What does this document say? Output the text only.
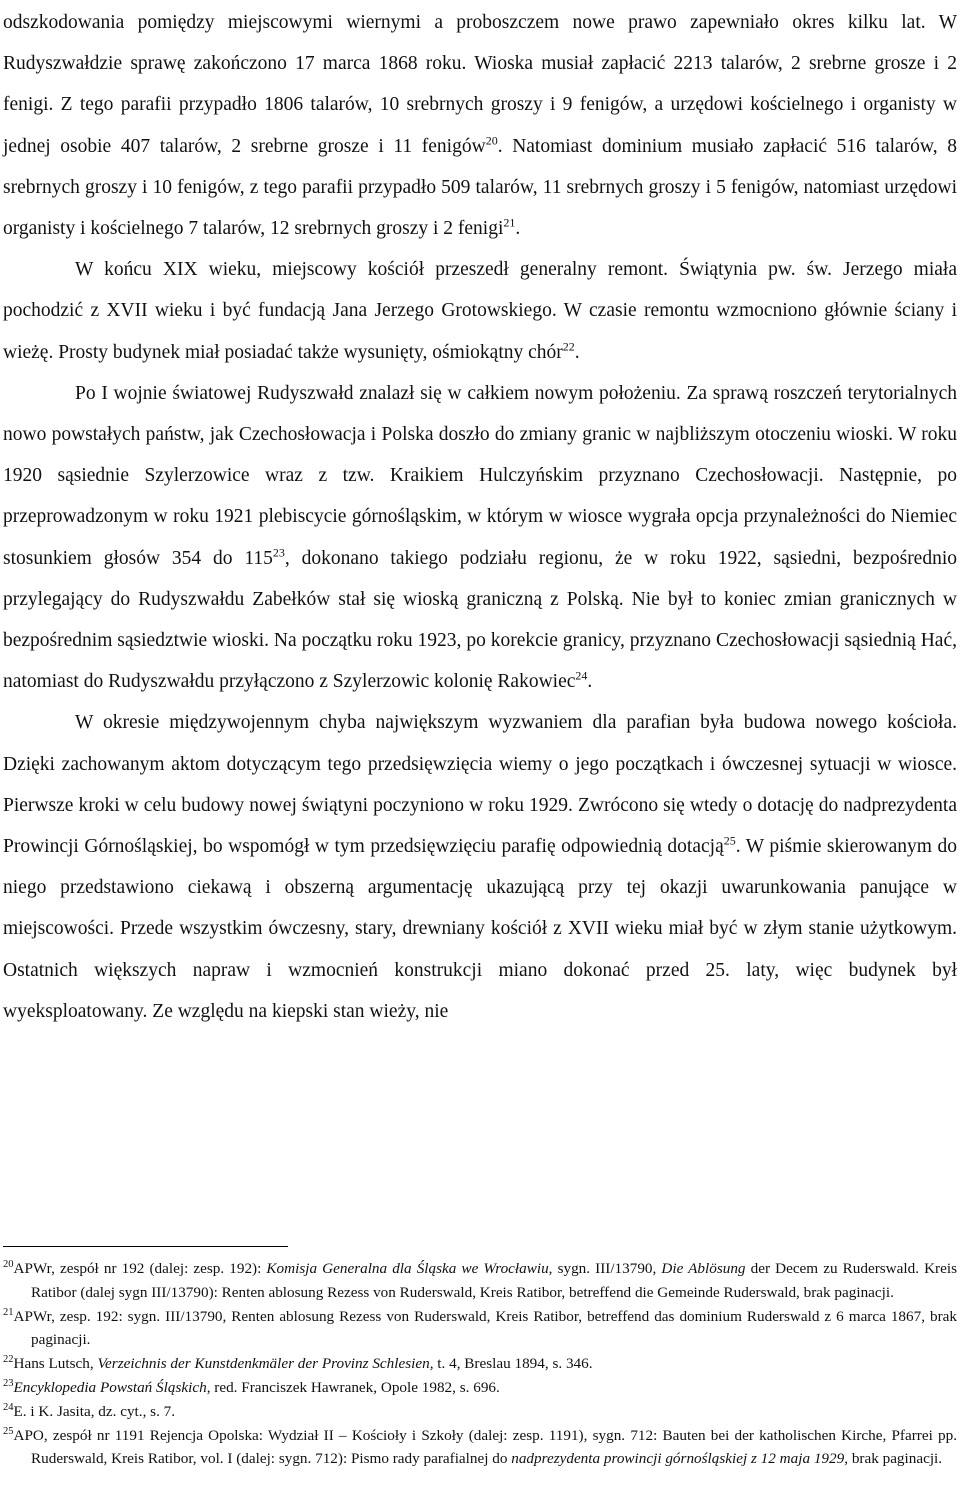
odszkodowania pomiędzy miejscowymi wiernymi a proboszczem nowe prawo zapewniało okres kilku lat. W Rudyszwałdzie sprawę zakończono 17 marca 1868 roku. Wioska musiał zapłacić 2213 talarów, 2 srebrne grosze i 2 fenigi. Z tego parafii przypadło 1806 talarów, 10 srebrnych groszy i 9 fenigów, a urzędowi kościelnego i organisty w jednej osobie 407 talarów, 2 srebrne grosze i 11 fenigów$^{20}$. Natomiast dominium musiało zapłacić 516 talarów, 8 srebrnych groszy i 10 fenigów, z tego parafii przypadło 509 talarów, 11 srebrnych groszy i 5 fenigów, natomiast urzędowi organisty i kościelnego 7 talarów, 12 srebrnych groszy i 2 fenigi$^{21}$.

W końcu XIX wieku, miejscowy kościół przeszedł generalny remont. Świątynia pw. św. Jerzego miała pochodzić z XVII wieku i być fundacją Jana Jerzego Grotowskiego. W czasie remontu wzmocniono głównie ściany i wieżę. Prosty budynek miał posiadać także wysunięty, ośmiokątny chór$^{22}$.

Po I wojnie światowej Rudyszwałd znalazł się w całkiem nowym położeniu. Za sprawą roszczeń terytorialnych nowo powstałych państw, jak Czechosłowacja i Polska doszło do zmiany granic w najbliższym otoczeniu wioski. W roku 1920 sąsiednie Szylerzowice wraz z tzw. Kraikiem Hulczyńskim przyznano Czechosłowacji. Następnie, po przeprowadzonym w roku 1921 plebiscycie górnośląskim, w którym w wiosce wygrała opcja przynależności do Niemiec stosunkiem głosów 354 do $115^{23}$, dokonano takiego podziału regionu, że w roku 1922, sąsiedni, bezpośrednio przylegający do Rudyszwałdu Zabełków stał się wioską graniczną z Polską. Nie był to koniec zmian granicznych w bezpośrednim sąsiedztwie wioski. Na początku roku 1923, po korekcie granicy, przyznano Czechosłowacji sąsiednią Hać, natomiast do Rudyszwałdu przyłączono z Szylerzowic kolonię Rakowiec$^{24}$.

W okresie międzywojennym chyba największym wyzwaniem dla parafian była budowa nowego kościoła. Dzięki zachowanym aktom dotyczącym tego przedsięwzięcia wiemy o jego początkach i ówczesnej sytuacji w wiosce. Pierwsze kroki w celu budowy nowej świątyni poczyniono w roku 1929. Zwrócono się wtedy o dotację do nadprezydenta Prowincji Górnośląskiej, bo wspomógł w tym przedsięwzięciu parafię odpowiednią dotacją$^{25}$. W piśmie skierowanym do niego przedstawiono ciekawą i obszerną argumentację ukazującą przy tej okazji uwarunkowania panujące w miejscowości. Przede wszystkim ówczesny, stary, drewniany kościół z XVII wieku miał być w złym stanie użytkowym. Ostatnich większych napraw i wzmocnień konstrukcji miano dokonać przed 25. laty, więc budynek był wyeksploatowany. Ze względu na kiepski stan wieży, nie

$^{20}$APWr, zespół nr 192 (dalej: zesp. 192): Komisja Generalna dla Śląska we Wrocławiu, sygn. III/13790, Die Ablösung der Decem zu Ruderswald. Kreis Ratibor (dalej sygn III/13790): Renten ablosung Rezess von Ruderswald, Kreis Ratibor, betreffend die Gemeinde Ruderswald, brak paginacji.

$^{21}$APWr, zesp. 192: sygn. III/13790, Renten ablosung Rezess von Ruderswald, Kreis Ratibor, betreffend das dominium Ruderswald z 6 marca 1867, brak paginacji.

$^{22}$Hans Lutsch, Verzeichnis der Kunstdenkmäler der Provinz Schlesien, t. 4, Breslau 1894, s. 346.

$^{23}$Encyklopedia Powstań Śląskich, red. Franciszek Hawranek, Opole 1982, s. 696.

$^{24}$E. i K. Jasita, dz. cyt., s. 7.

$^{25}$APO, zespół nr 1191 Rejencja Opolska: Wydział II – Kościoły i Szkoły (dalej: zesp. 1191), sygn. 712: Bauten bei der katholischen Kirche, Pfarrei pp. Ruderswald, Kreis Ratibor, vol. I (dalej: sygn. 712): Pismo rady parafialnej do nadprezydenta prowincji górnośląskiej z 12 maja 1929, brak paginacji.
